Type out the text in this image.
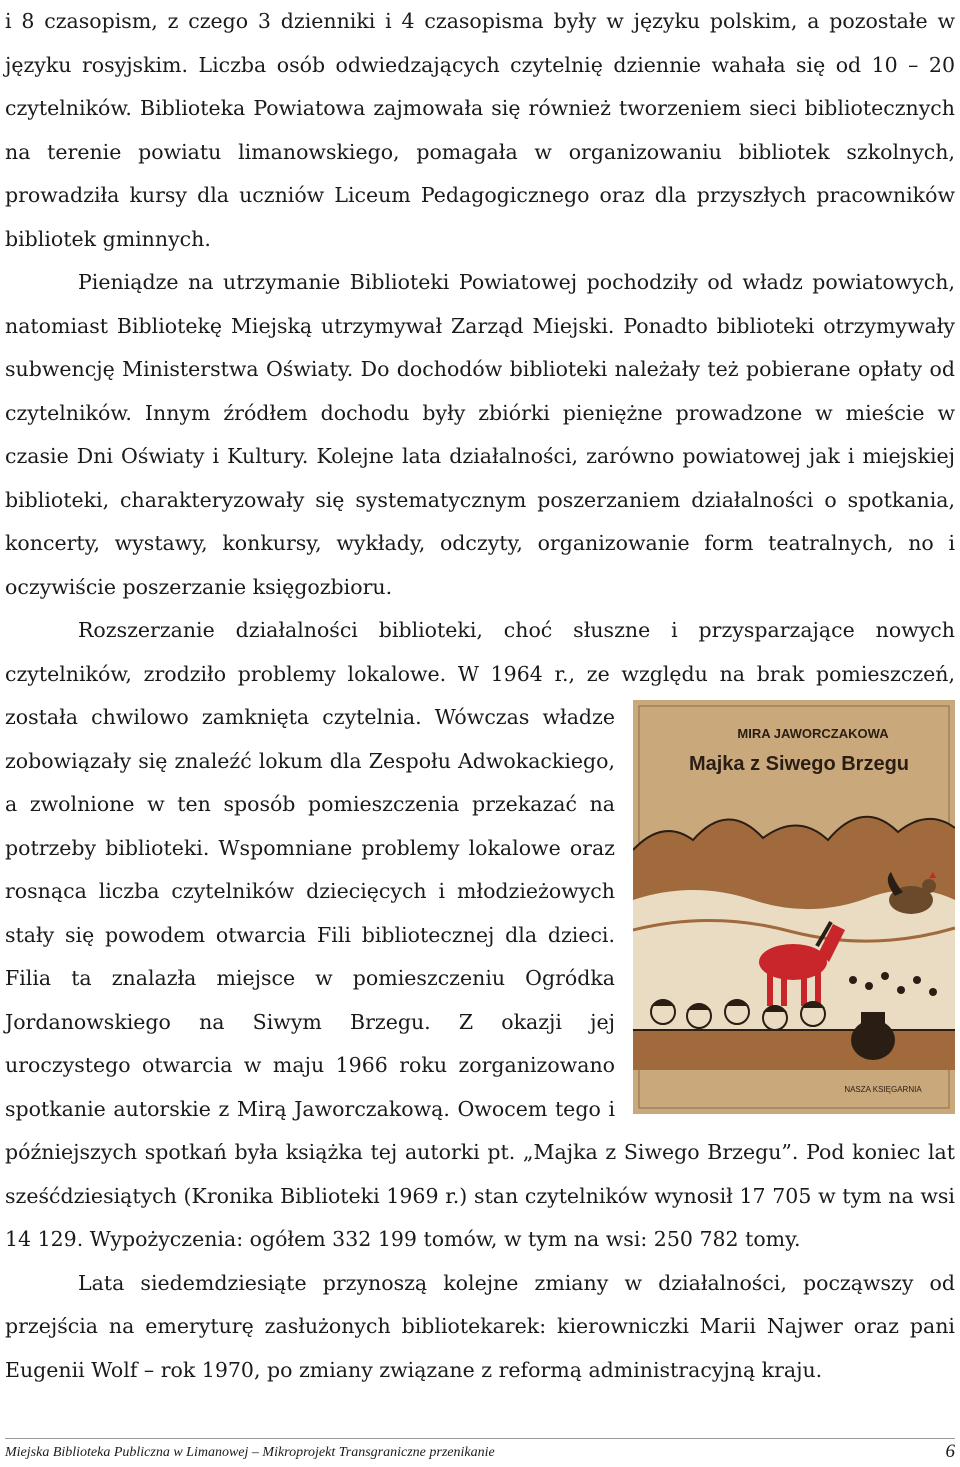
i 8 czasopism, z czego 3 dzienniki i 4 czasopisma były w języku polskim, a pozostałe w języku rosyjskim. Liczba osób odwiedzających czytelnię dziennie wahała się od 10 – 20 czytelników. Biblioteka Powiatowa zajmowała się również tworzeniem sieci bibliotecznych na terenie powiatu limanowskiego, pomagała w organizowaniu bibliotek szkolnych, prowadziła kursy dla uczniów Liceum Pedagogicznego oraz dla przyszłych pracowników bibliotek gminnych.

Pieniądze na utrzymanie Biblioteki Powiatowej pochodziły od władz powiatowych, natomiast Bibliotekę Miejską utrzymywał Zarząd Miejski. Ponadto biblioteki otrzymywały subwencję Ministerstwa Oświaty. Do dochodów biblioteki należały też pobierane opłaty od czytelników. Innym źródłem dochodu były zbiórki pieniężne prowadzone w mieście w czasie Dni Oświaty i Kultury. Kolejne lata działalności, zarówno powiatowej jak i miejskiej biblioteki, charakteryzowały się systematycznym poszerzaniem działalności o spotkania, koncerty, wystawy, konkursy, wykłady, odczyty, organizowanie form teatralnych, no i oczywiście poszerzanie księgozbioru.

Rozszerzanie działalności biblioteki, choć słuszne i przysparzające nowych czytelników, zrodziło problemy lokalowe. W 1964 r., ze względu na brak pomieszczeń, została
MIRA JAWORCZAKOWA
Majka z Siwego Brzegu
NASZA KSIĘGARNIA
chwilowo zamknięta czytelnia. Wówczas władze zobowiązały się znaleźć lokum dla Zespołu Adwokackiego, a zwolnione w ten sposób pomieszczenia przekazać na potrzeby biblioteki. Wspomniane problemy lokalowe oraz rosnąca liczba czytelników dziecięcych i młodzieżowych stały się powodem otwarcia Fili bibliotecznej dla dzieci. Filia ta znalazła miejsce w pomieszczeniu Ogródka Jordanowskiego na Siwym Brzegu. Z okazji jej uroczystego otwarcia w maju 1966 roku zorganizowano spotkanie autorskie z Mirą Jaworczakową. Owocem tego i późniejszych spotkań była książka tej autorki pt. „Majka z Siwego Brzegu”. Pod koniec lat sześćdziesiątych (Kronika Biblioteki 1969 r.) stan czytelników wynosił 17 705 w tym na wsi 14 129. Wypożyczenia: ogółem 332 199 tomów, w tym na wsi: 250 782 tomy.

Lata siedemdziesiąte przynoszą kolejne zmiany w działalności, począwszy od przejścia na emeryturę zasłużonych bibliotekarek: kierowniczki Marii Najwer oraz pani Eugenii Wolf – rok 1970, po zmiany związane z reformą administracyjną kraju.

Miejska Biblioteka Publiczna w Limanowej – Mikroprojekt Transgraniczne przenikanie	6
